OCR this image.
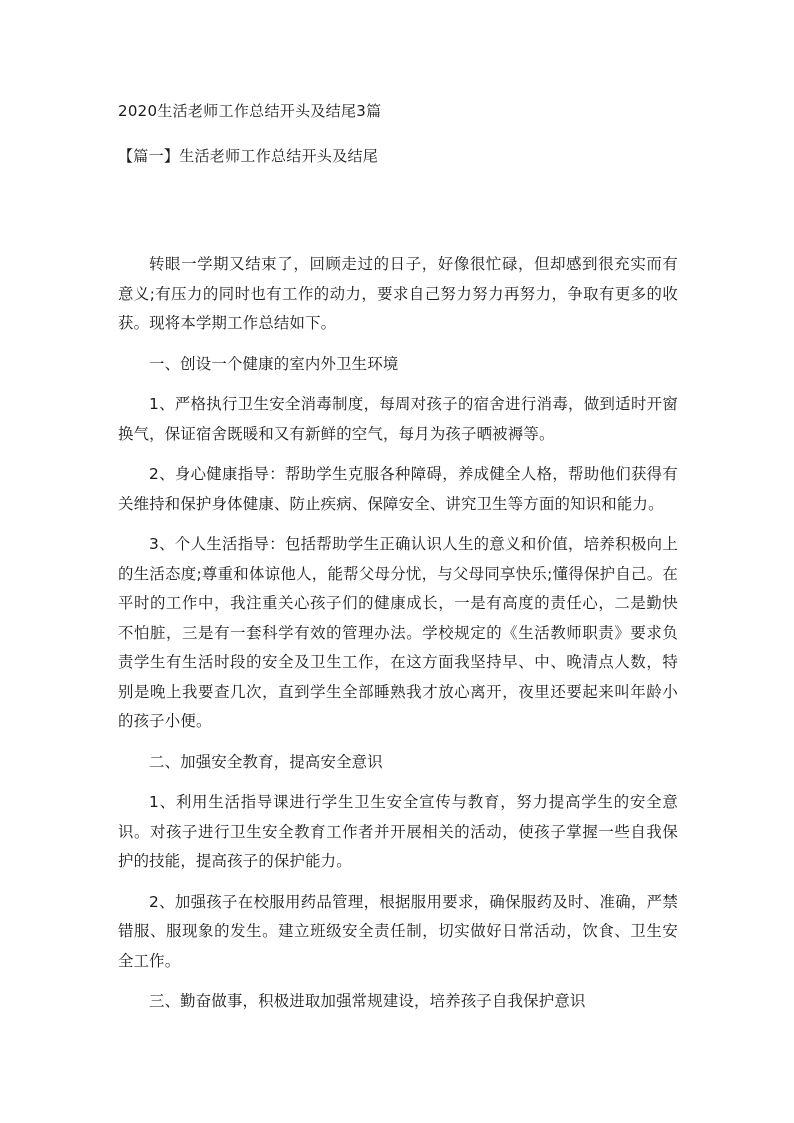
2020生活老师工作总结开头及结尾3篇
【篇一】生活老师工作总结开头及结尾

转眼一学期又结束了，回顾走过的日子，好像很忙碌，但却感到很充实而有意义;有压力的同时也有工作的动力，要求自己努力努力再努力，争取有更多的收获。现将本学期工作总结如下。

一、创设一个健康的室内外卫生环境

1、严格执行卫生安全消毒制度，每周对孩子的宿舍进行消毒，做到适时开窗换气，保证宿舍既暖和又有新鲜的空气，每月为孩子晒被褥等。

2、身心健康指导：帮助学生克服各种障碍，养成健全人格，帮助他们获得有关维持和保护身体健康、防止疾病、保障安全、讲究卫生等方面的知识和能力。

3、个人生活指导：包括帮助学生正确认识人生的意义和价值，培养积极向上的生活态度;尊重和体谅他人，能帮父母分忧，与父母同享快乐;懂得保护自己。在平时的工作中，我注重关心孩子们的健康成长，一是有高度的责任心，二是勤快不怕脏，三是有一套科学有效的管理办法。学校规定的《生活教师职责》要求负责学生有生活时段的安全及卫生工作，在这方面我坚持早、中、晚清点人数，特别是晚上我要查几次，直到学生全部睡熟我才放心离开，夜里还要起来叫年龄小的孩子小便。

二、加强安全教育，提高安全意识

1、利用生活指导课进行学生卫生安全宣传与教育，努力提高学生的安全意识。对孩子进行卫生安全教育工作者并开展相关的活动，使孩子掌握一些自我保护的技能，提高孩子的保护能力。

2、加强孩子在校服用药品管理，根据服用要求，确保服药及时、准确，严禁错服、服现象的发生。建立班级安全责任制，切实做好日常活动，饮食、卫生安全工作。

三、勤奋做事，积极进取加强常规建设，培养孩子自我保护意识
